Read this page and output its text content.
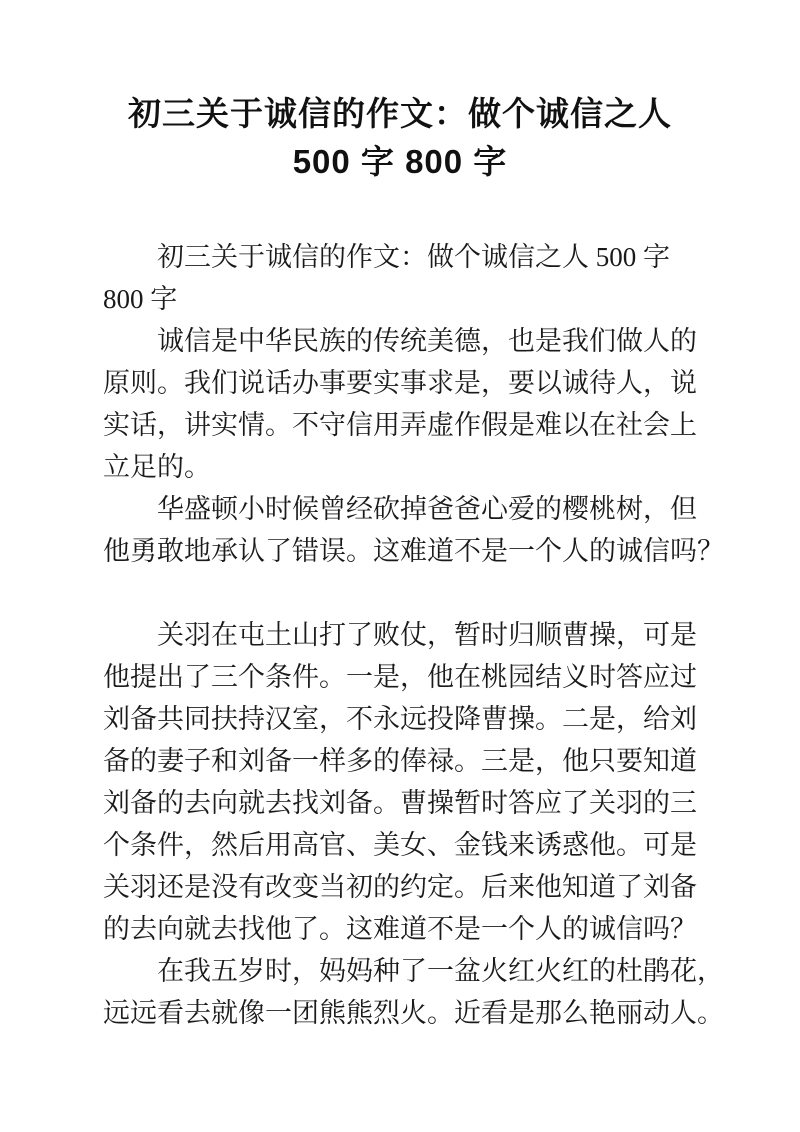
初三关于诚信的作文：做个诚信之人
500 字 800 字
初三关于诚信的作文：做个诚信之人 500 字
800 字
诚信是中华民族的传统美德，也是我们做人的
原则。我们说话办事要实事求是，要以诚待人，说
实话，讲实情。不守信用弄虚作假是难以在社会上
立足的。
华盛顿小时候曾经砍掉爸爸心爱的樱桃树，但
他勇敢地承认了错误。这难道不是一个人的诚信吗？
关羽在屯土山打了败仗，暂时归顺曹操，可是
他提出了三个条件。一是，他在桃园结义时答应过
刘备共同扶持汉室，不永远投降曹操。二是，给刘
备的妻子和刘备一样多的俸禄。三是，他只要知道
刘备的去向就去找刘备。曹操暂时答应了关羽的三
个条件，然后用高官、美女、金钱来诱惑他。可是
关羽还是没有改变当初的约定。后来他知道了刘备
的去向就去找他了。这难道不是一个人的诚信吗？
在我五岁时，妈妈种了一盆火红火红的杜鹃花，
远远看去就像一团熊熊烈火。近看是那么艳丽动人。
